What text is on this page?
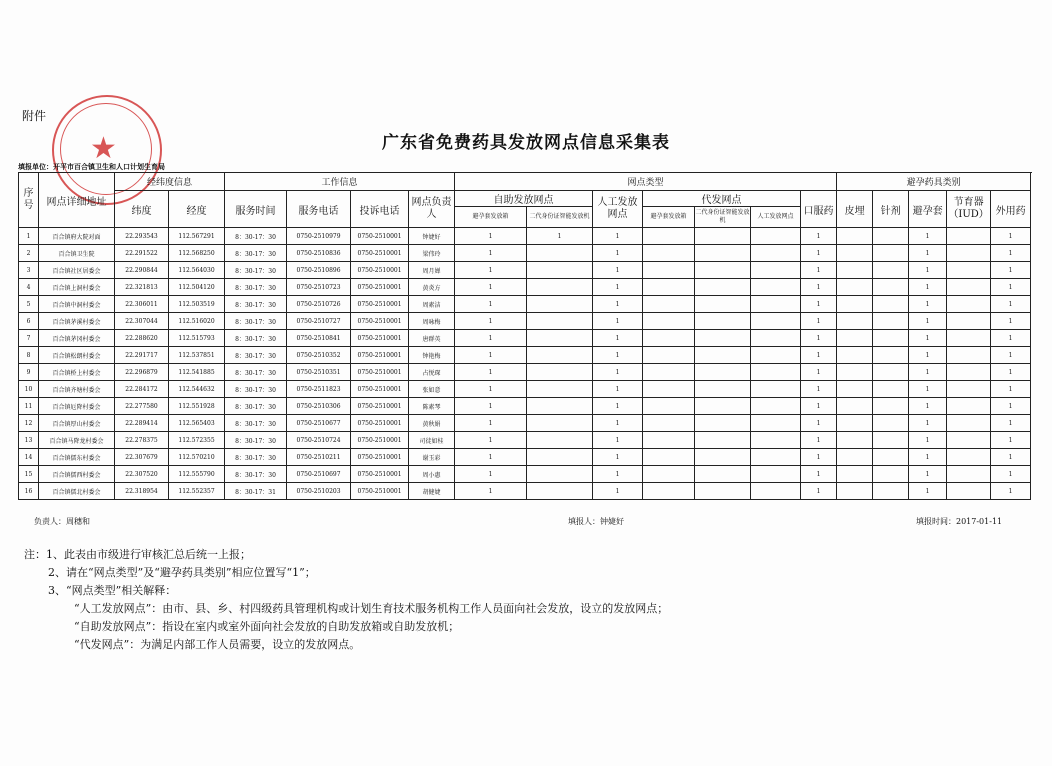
附件
★	广东省免费药具发放网点信息采集表
填报单位：开平市百合镇卫生和人口计划生育局
序号	网点详细地址	经纬度信息		工作信息				网点类型							避孕药具类别				
		纬度	经度	服务时间	服务电话	投诉电话	网点负责人	自助发放网点		人工发放网点	代发网点			口服药	皮埋	针剂	避孕套	节育器（IUD）	外用药
								避孕套发放箱	二代身份证智能发放机		避孕套发放箱	二代身份证智能发放机	人工发放网点						
1	百合镇府大院对面	22.293543	112.567291	8：30-17：30	0750-2510979	0750-2510001	钟婕好	1	1	1				1			1		1
2	百合镇卫生院	22.291522	112.568250	8：30-17：30	0750-2510836	0750-2510001	梁伟玲	1		1				1			1		1
3	百合镇社区居委会	22.290844	112.564030	8：30-17：30	0750-2510896	0750-2510001	周月婵	1		1				1			1		1
4	百合镇上洞村委会	22.321813	112.504120	8：30-17：30	0750-2510723	0750-2510001	黄炎方	1		1				1			1		1
5	百合镇中洞村委会	22.306011	112.503519	8：30-17：30	0750-2510726	0750-2510001	周素洁	1		1				1			1		1
6	百合镇茅溪村委会	22.307044	112.516020	8：30-17：30	0750-2510727	0750-2510001	周咏梅	1		1				1			1		1
7	百合镇茅冈村委会	22.288620	112.515793	8：30-17：30	0750-2510841	0750-2510001	唐群英	1		1				1			1		1
8	百合镇松朗村委会	22.291717	112.537851	8：30-17：30	0750-2510352	0750-2510001	钟艳梅	1		1				1			1		1
9	百合镇桥上村委会	22.296879	112.541885	8：30-17：30	0750-2510351	0750-2510001	占悦琛	1		1				1			1		1
10	百合镇齐塘村委会	22.284172	112.544632	8：30-17：30	0750-2511823	0750-2510001	张如意	1		1				1			1		1
11	百合镇厄降村委会	22.277580	112.551928	8：30-17：30	0750-2510306	0750-2510001	陈素琴	1		1				1			1		1
12	百合镇厚山村委会	22.289414	112.565403	8：30-17：30	0750-2510677	0750-2510001	黄秋娟	1		1				1			1		1
13	百合镇马降龙村委会	22.278375	112.572355	8：30-17：30	0750-2510724	0750-2510001	司徒如桂	1		1				1			1		1
14	百合镇儒东村委会	22.307679	112.570210	8：30-17：30	0750-2510211	0750-2510001	谢玉彩	1		1				1			1		1
15	百合镇儒西村委会	22.307520	112.555790	8：30-17：30	0750-2510697	0750-2510001	周小惠	1		1				1			1		1
16	百合镇儒北村委会	22.318954	112.552357	8：30-17：31	0750-2510203	0750-2510001	胡健婕	1		1				1			1		1
负责人：周穗和	填报人：钟婕好	填报时间：2017-01-11
注：1、此表由市级进行审核汇总后统一上报；
2、请在“网点类型”及“避孕药具类别”相应位置写“1”；
3、“网点类型”相关解释：
“人工发放网点”：由市、县、乡、村四级药具管理机构或计划生育技术服务机构工作人员面向社会发放，设立的发放网点；
“自助发放网点”：指设在室内或室外面向社会发放的自助发放箱或自助发放机；
“代发网点”：为满足内部工作人员需要，设立的发放网点。
